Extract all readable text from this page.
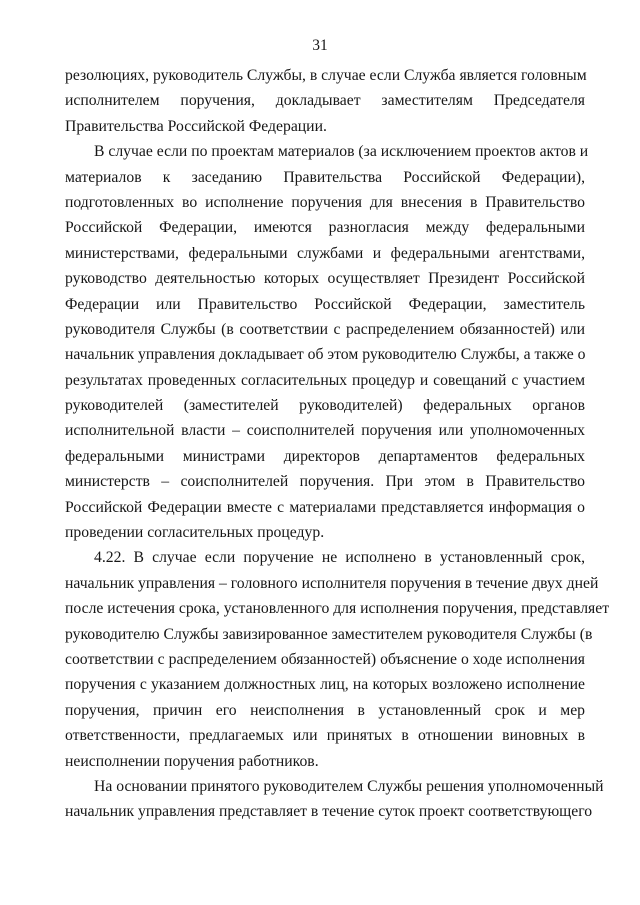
31
резолюциях, руководитель Службы, в случае если Служба является головным
исполнителем поручения, докладывает заместителям Председателя
Правительства Российской Федерации.
В случае если по проектам материалов (за исключением проектов актов и
материалов к заседанию Правительства Российской Федерации),
подготовленных во исполнение поручения для внесения в Правительство
Российской Федерации, имеются разногласия между федеральными
министерствами, федеральными службами и федеральными агентствами,
руководство деятельностью которых осуществляет Президент Российской
Федерации или Правительство Российской Федерации, заместитель
руководителя Службы (в соответствии с распределением обязанностей) или
начальник управления докладывает об этом руководителю Службы, а также о
результатах проведенных согласительных процедур и совещаний с участием
руководителей (заместителей руководителей) федеральных органов
исполнительной власти – соисполнителей поручения или уполномоченных
федеральными министрами директоров департаментов федеральных
министерств – соисполнителей поручения. При этом в Правительство
Российской Федерации вместе с материалами представляется информация о
проведении согласительных процедур.
4.22. В случае если поручение не исполнено в установленный срок,
начальник управления – головного исполнителя поручения в течение двух дней
после истечения срока, установленного для исполнения поручения, представляет
руководителю Службы завизированное заместителем руководителя Службы (в
соответствии с распределением обязанностей) объяснение о ходе исполнения
поручения с указанием должностных лиц, на которых возложено исполнение
поручения, причин его неисполнения в установленный срок и мер
ответственности, предлагаемых или принятых в отношении виновных в
неисполнении поручения работников.
На основании принятого руководителем Службы решения уполномоченный
начальник управления представляет в течение суток проект соответствующего
